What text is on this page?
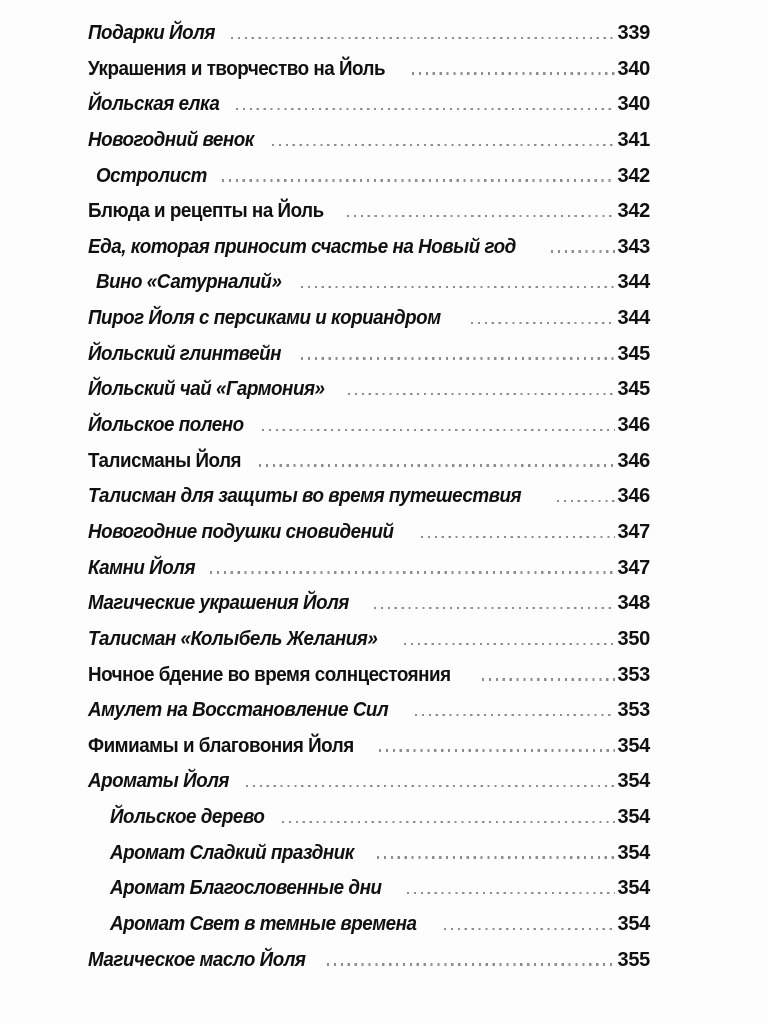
Подарки Йоля	339
Украшения и творчество на Йоль	340
Йольская елка	340
Новогодний венок	341
Остролист	342
Блюда и рецепты на Йоль	342
Еда, которая приносит счастье на Новый год	343
Вино «Сатурналий»	344
Пирог Йоля с персиками и кориандром	344
Йольский глинтвейн	345
Йольский чай «Гармония»	345
Йольское полено	346
Талисманы Йоля	346
Талисман для защиты во время путешествия	346
Новогодние подушки сновидений	347
Камни Йоля	347
Магические украшения Йоля	348
Талисман «Колыбель Желания»	350
Ночное бдение во время солнцестояния	353
Амулет на Восстановление Сил	353
Фимиамы и благовония Йоля	354
Ароматы Йоля	354
Йольское дерево	354
Аромат Сладкий праздник	354
Аромат Благословенные дни	354
Аромат Свет в темные времена	354
Магическое масло Йоля	355
